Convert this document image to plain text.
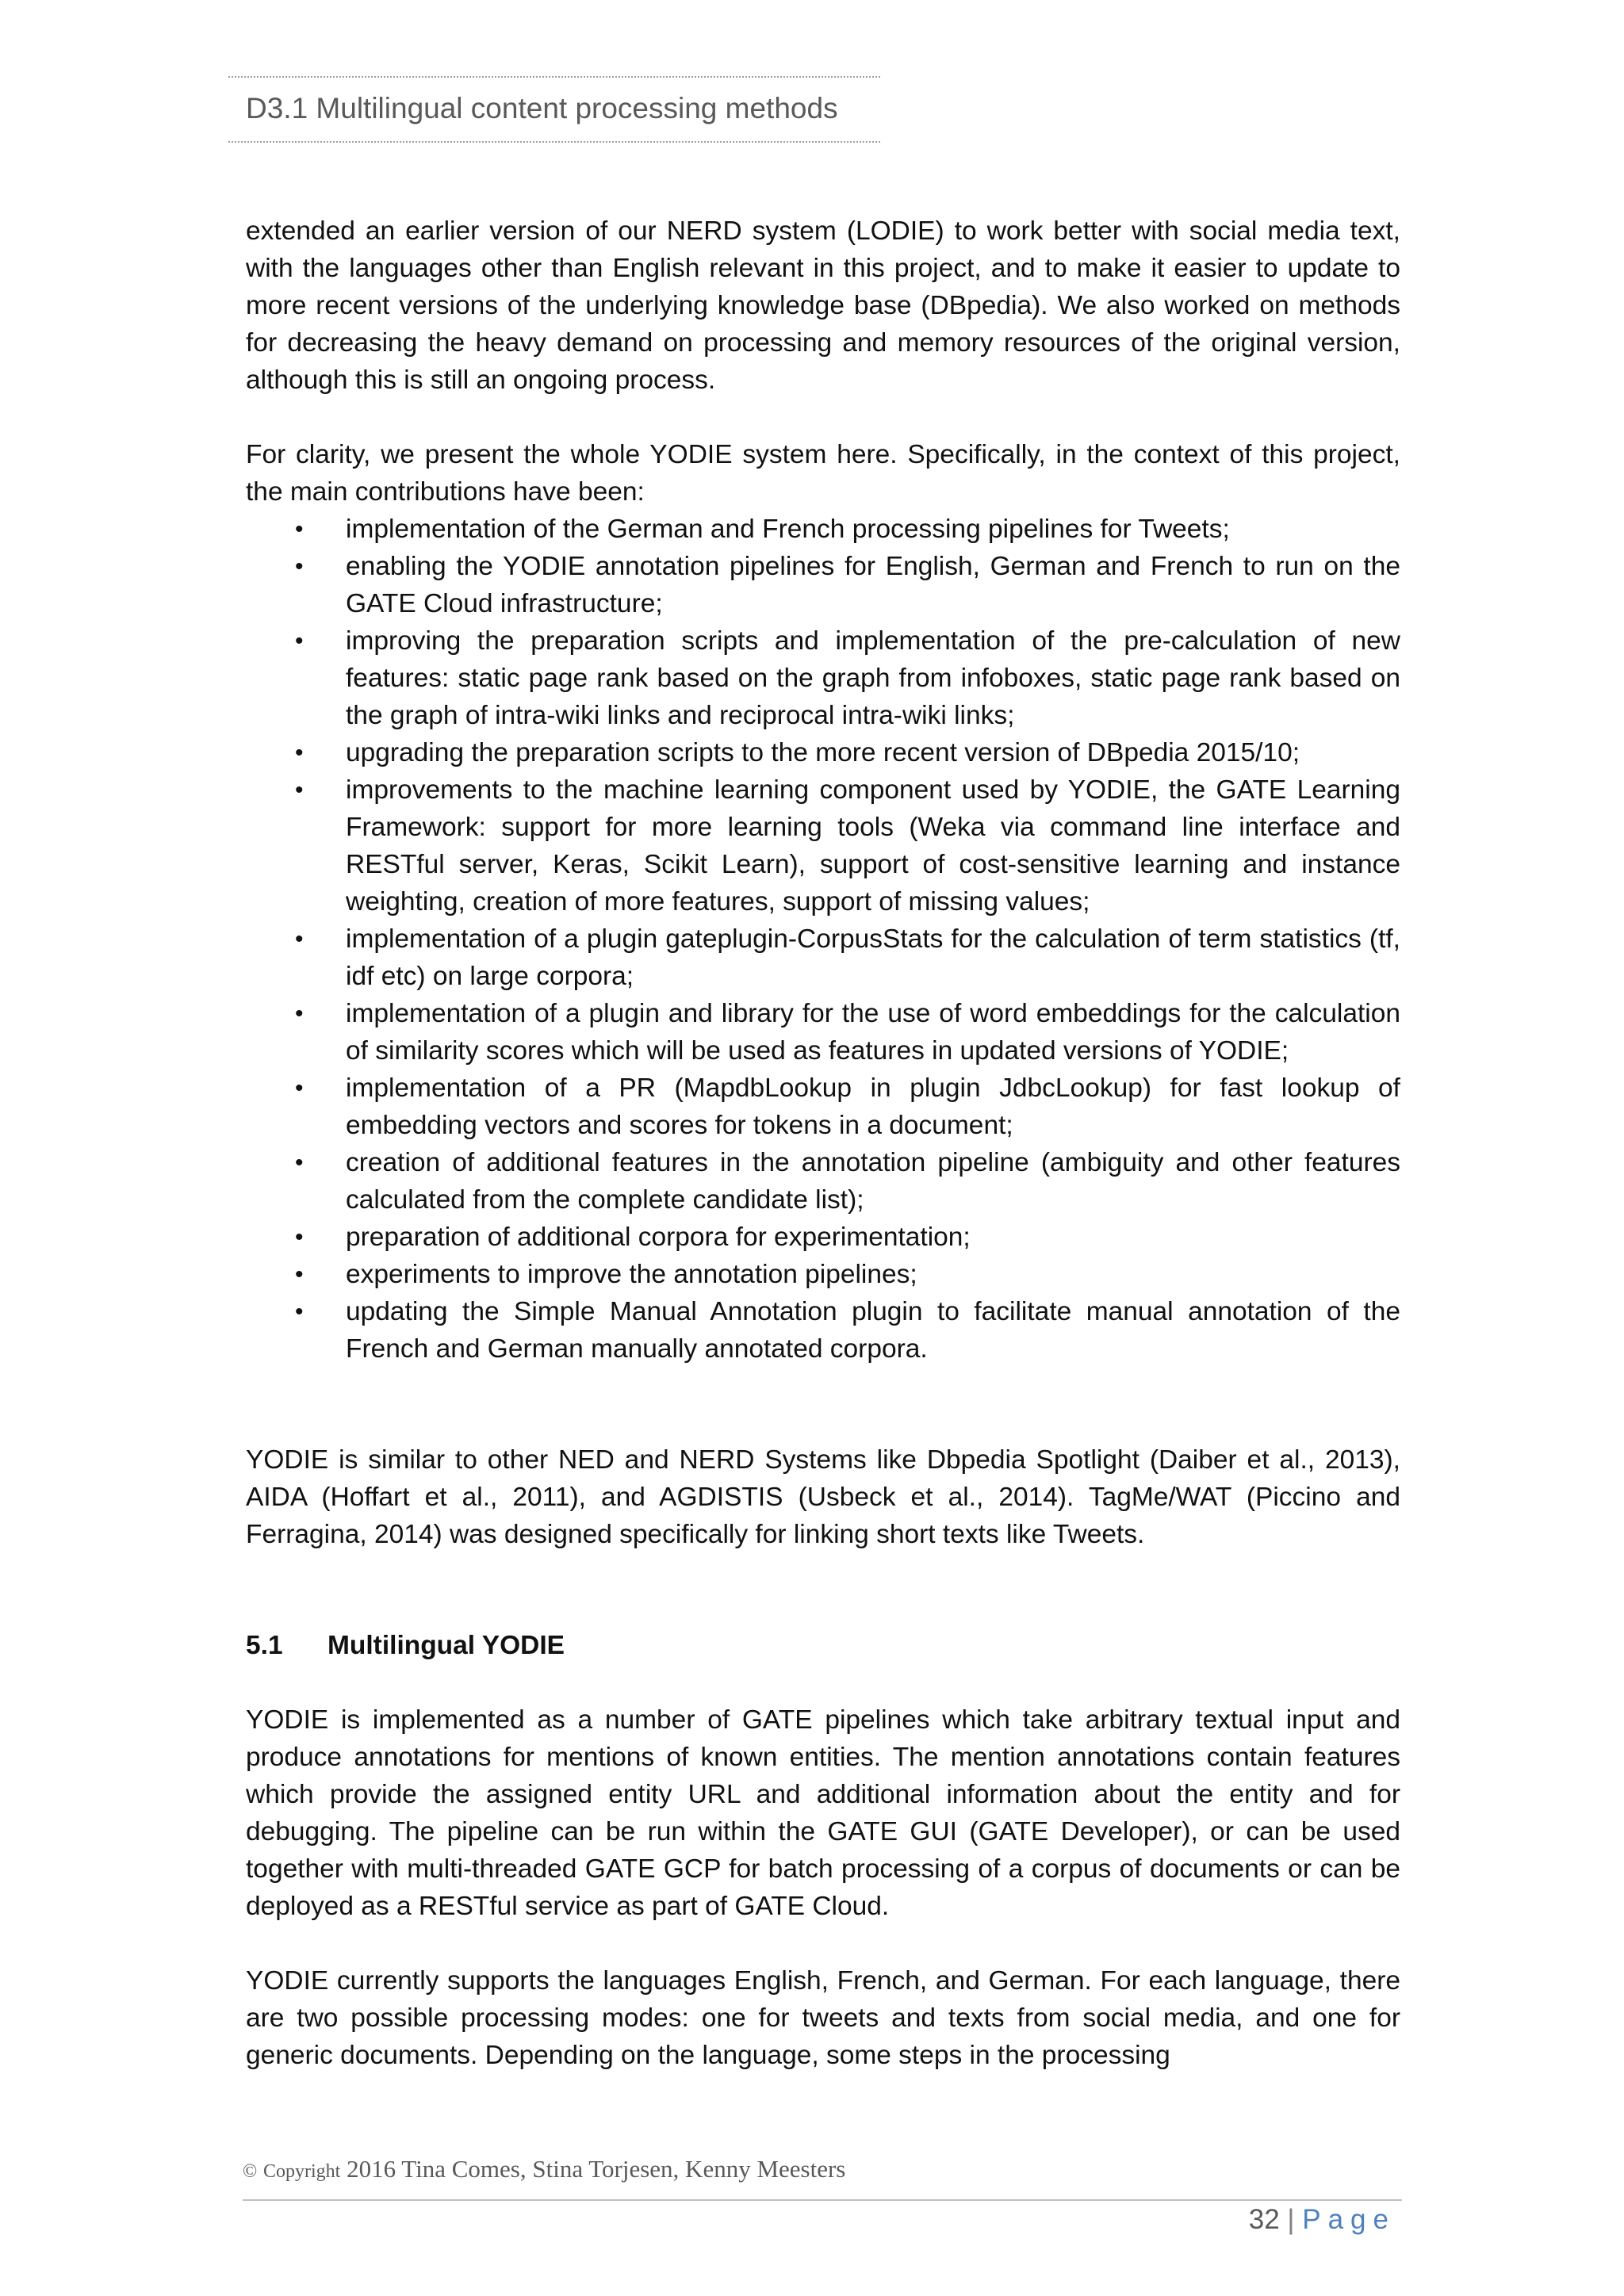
D3.1 Multilingual content processing methods

extended an earlier version of our NERD system (LODIE) to work better with social media text, with the languages other than English relevant in this project, and to make it easier to update to more recent versions of the underlying knowledge base (DBpedia). We also worked on methods for decreasing the heavy demand on processing and memory resources of the original version, although this is still an ongoing process.

For clarity, we present the whole YODIE system here. Specifically, in the context of this project, the main contributions have been:

• implementation of the German and French processing pipelines for Tweets;
• enabling the YODIE annotation pipelines for English, German and French to run on the GATE Cloud infrastructure;
• improving the preparation scripts and implementation of the pre-calculation of new features: static page rank based on the graph from infoboxes, static page rank based on the graph of intra-wiki links and reciprocal intra-wiki links;
• upgrading the preparation scripts to the more recent version of DBpedia 2015/10;
• improvements to the machine learning component used by YODIE, the GATE Learning Framework: support for more learning tools (Weka via command line interface and RESTful server, Keras, Scikit Learn), support of cost-sensitive learning and instance weighting, creation of more features, support of missing values;
• implementation of a plugin gateplugin-CorpusStats for the calculation of term statistics (tf, idf etc) on large corpora;
• implementation of a plugin and library for the use of word embeddings for the calculation of similarity scores which will be used as features in updated versions of YODIE;
• implementation of a PR (MapdbLookup in plugin JdbcLookup) for fast lookup of embedding vectors and scores for tokens in a document;
• creation of additional features in the annotation pipeline (ambiguity and other features calculated from the complete candidate list);
• preparation of additional corpora for experimentation;
• experiments to improve the annotation pipelines;
• updating the Simple Manual Annotation plugin to facilitate manual annotation of the French and German manually annotated corpora.

YODIE is similar to other NED and NERD Systems like Dbpedia Spotlight (Daiber et al., 2013), AIDA (Hoffart et al., 2011), and AGDISTIS (Usbeck et al., 2014). TagMe/WAT (Piccino and Ferragina, 2014) was designed specifically for linking short texts like Tweets.

5.1 Multilingual YODIE

YODIE is implemented as a number of GATE pipelines which take arbitrary textual input and produce annotations for mentions of known entities. The mention annotations contain features which provide the assigned entity URL and additional information about the entity and for debugging. The pipeline can be run within the GATE GUI (GATE Developer), or can be used together with multi-threaded GATE GCP for batch processing of a corpus of documents or can be deployed as a RESTful service as part of GATE Cloud.

YODIE currently supports the languages English, French, and German. For each language, there are two possible processing modes: one for tweets and texts from social media, and one for generic documents. Depending on the language, some steps in the processing

© Copyright 2016 Tina Comes, Stina Torjesen, Kenny Meesters
32 | Page
